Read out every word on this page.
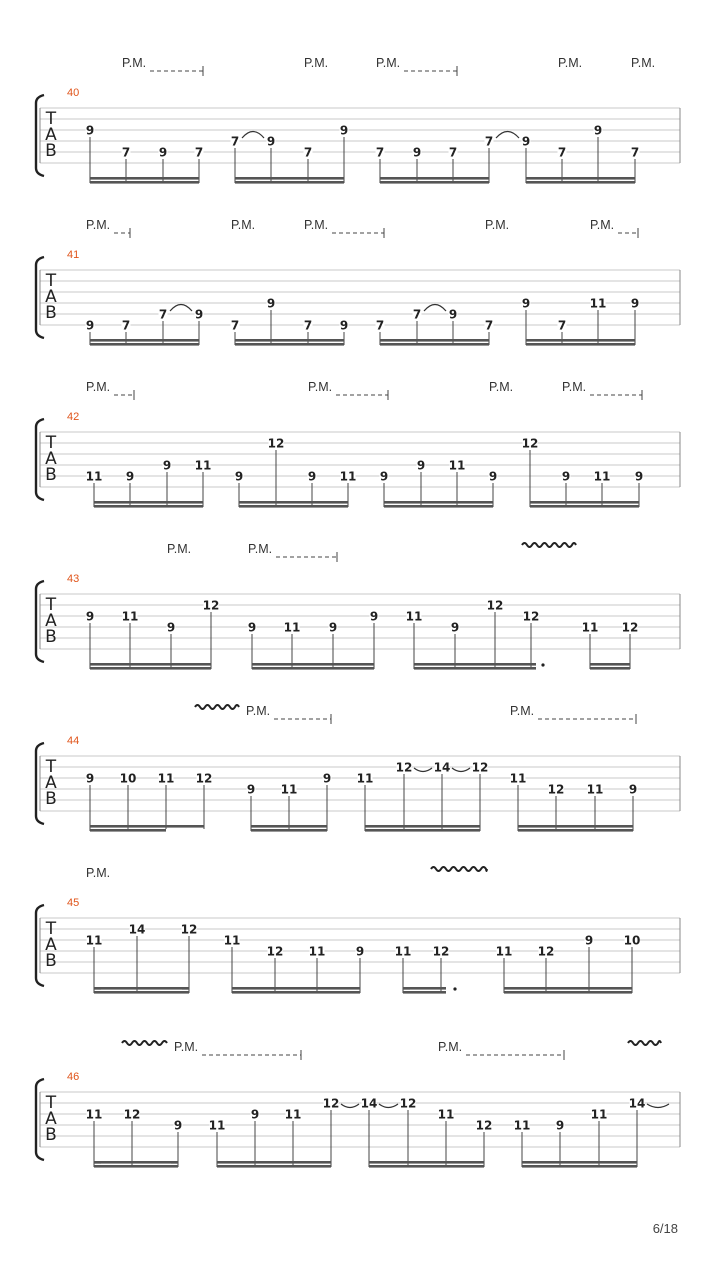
T
A
B
40
P.M.	P.M.	P.M.	P.M.	P.M.
9
7 9 7
7 9
7
9
7 9 7
7 9
7
9
7
T
A
B
41
P.M.	P.M.	P.M.	P.M.	P.M.
9 7
7 9
7
9
7 9 7
7 9
7
9
7
11 9
T
A
B
42
P.M.	P.M.	P.M.	P.M.
11 9
9 11
9
12
9 11 9
9 11
9
12
9 11 9
T
A
B
43
P.M.	P.M.
9 11
9
12
9 11 9
9 11
9
12
12
11 12
T
A
B
44
P.M.	P.M.
9 10 11 12
9 11
9 11
12 14 12
11
12 11 9
T
A
B
45
P.M.
11
14	12
11
12 11	9	11 12	11 12
9	10
T
A
B
46
P.M.	P.M.
11 12
9 11
9 11
12 14 12
11
12 11 9
11
14
6/18
